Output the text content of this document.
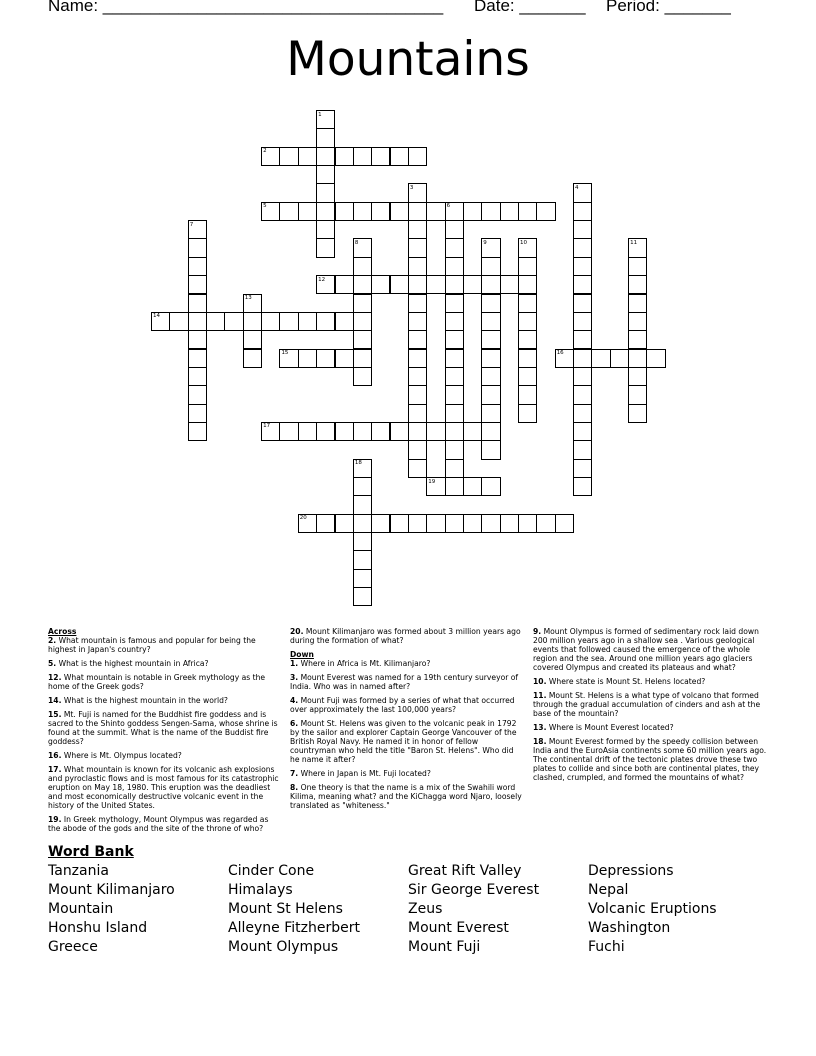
Name: ____________________________________ Date: _______ Period: _______
Mountains
1
2
3	4
5	6
7
8	9	10	11
12
13
14
15	16
17
18
19
20

Across

2. What mountain is famous and popular for being the highest in Japan's country?

5. What is the highest mountain in Africa?

12. What mountain is notable in Greek mythology as the home of the Greek gods?

14. What is the highest mountain in the world?

15. Mt. Fuji is named for the Buddhist fire goddess and is sacred to the Shinto goddess Sengen-Sama, whose shrine is found at the summit. What is the name of the Buddist fire goddess?

16. Where is Mt. Olympus located?

17. What mountain is known for its volcanic ash explosions and pyroclastic flows and is most famous for its catastrophic eruption on May 18, 1980. This eruption was the deadliest and most economically destructive volcanic event in the history of the United States.

19. In Greek mythology, Mount Olympus was regarded as the abode of the gods and the site of the throne of who?

20. Mount Kilimanjaro was formed about 3 million years ago during the formation of what?

Down

1. Where in Africa is Mt. Kilimanjaro?

3. Mount Everest was named for a 19th century surveyor of India. Who was in named after?

4. Mount Fuji was formed by a series of what that occurred over approximately the last 100,000 years?

6. Mount St. Helens was given to the volcanic peak in 1792 by the sailor and explorer Captain George Vancouver of the British Royal Navy. He named it in honor of fellow countryman who held the title "Baron St. Helens". Who did he name it after?

7. Where in Japan is Mt. Fuji located?

8. One theory is that the name is a mix of the Swahili word Kilima, meaning what? and the KiChagga word Njaro, loosely translated as "whiteness."

9. Mount Olympus is formed of sedimentary rock laid down 200 million years ago in a shallow sea . Various geological events that followed caused the emergence of the whole region and the sea. Around one million years ago glaciers covered Olympus and created its plateaus and what?

10. Where state is Mount St. Helens located?

11. Mount St. Helens is a what type of volcano that formed through the gradual accumulation of cinders and ash at the base of the mountain?

13. Where is Mount Everest located?

18. Mount Everest formed by the speedy collision between India and the EuroAsia continents some 60 million years ago. The continental drift of the tectonic plates drove these two plates to collide and since both are continental plates, they clashed, crumpled, and formed the mountains of what?

Word Bank
Tanzania
Mount Kilimanjaro
Mountain
Honshu Island
Greece
Cinder Cone
Himalays
Mount St Helens
Alleyne Fitzherbert
Mount Olympus
Great Rift Valley
Sir George Everest
Zeus
Mount Everest
Mount Fuji
Depressions
Nepal
Volcanic Eruptions
Washington
Fuchi
